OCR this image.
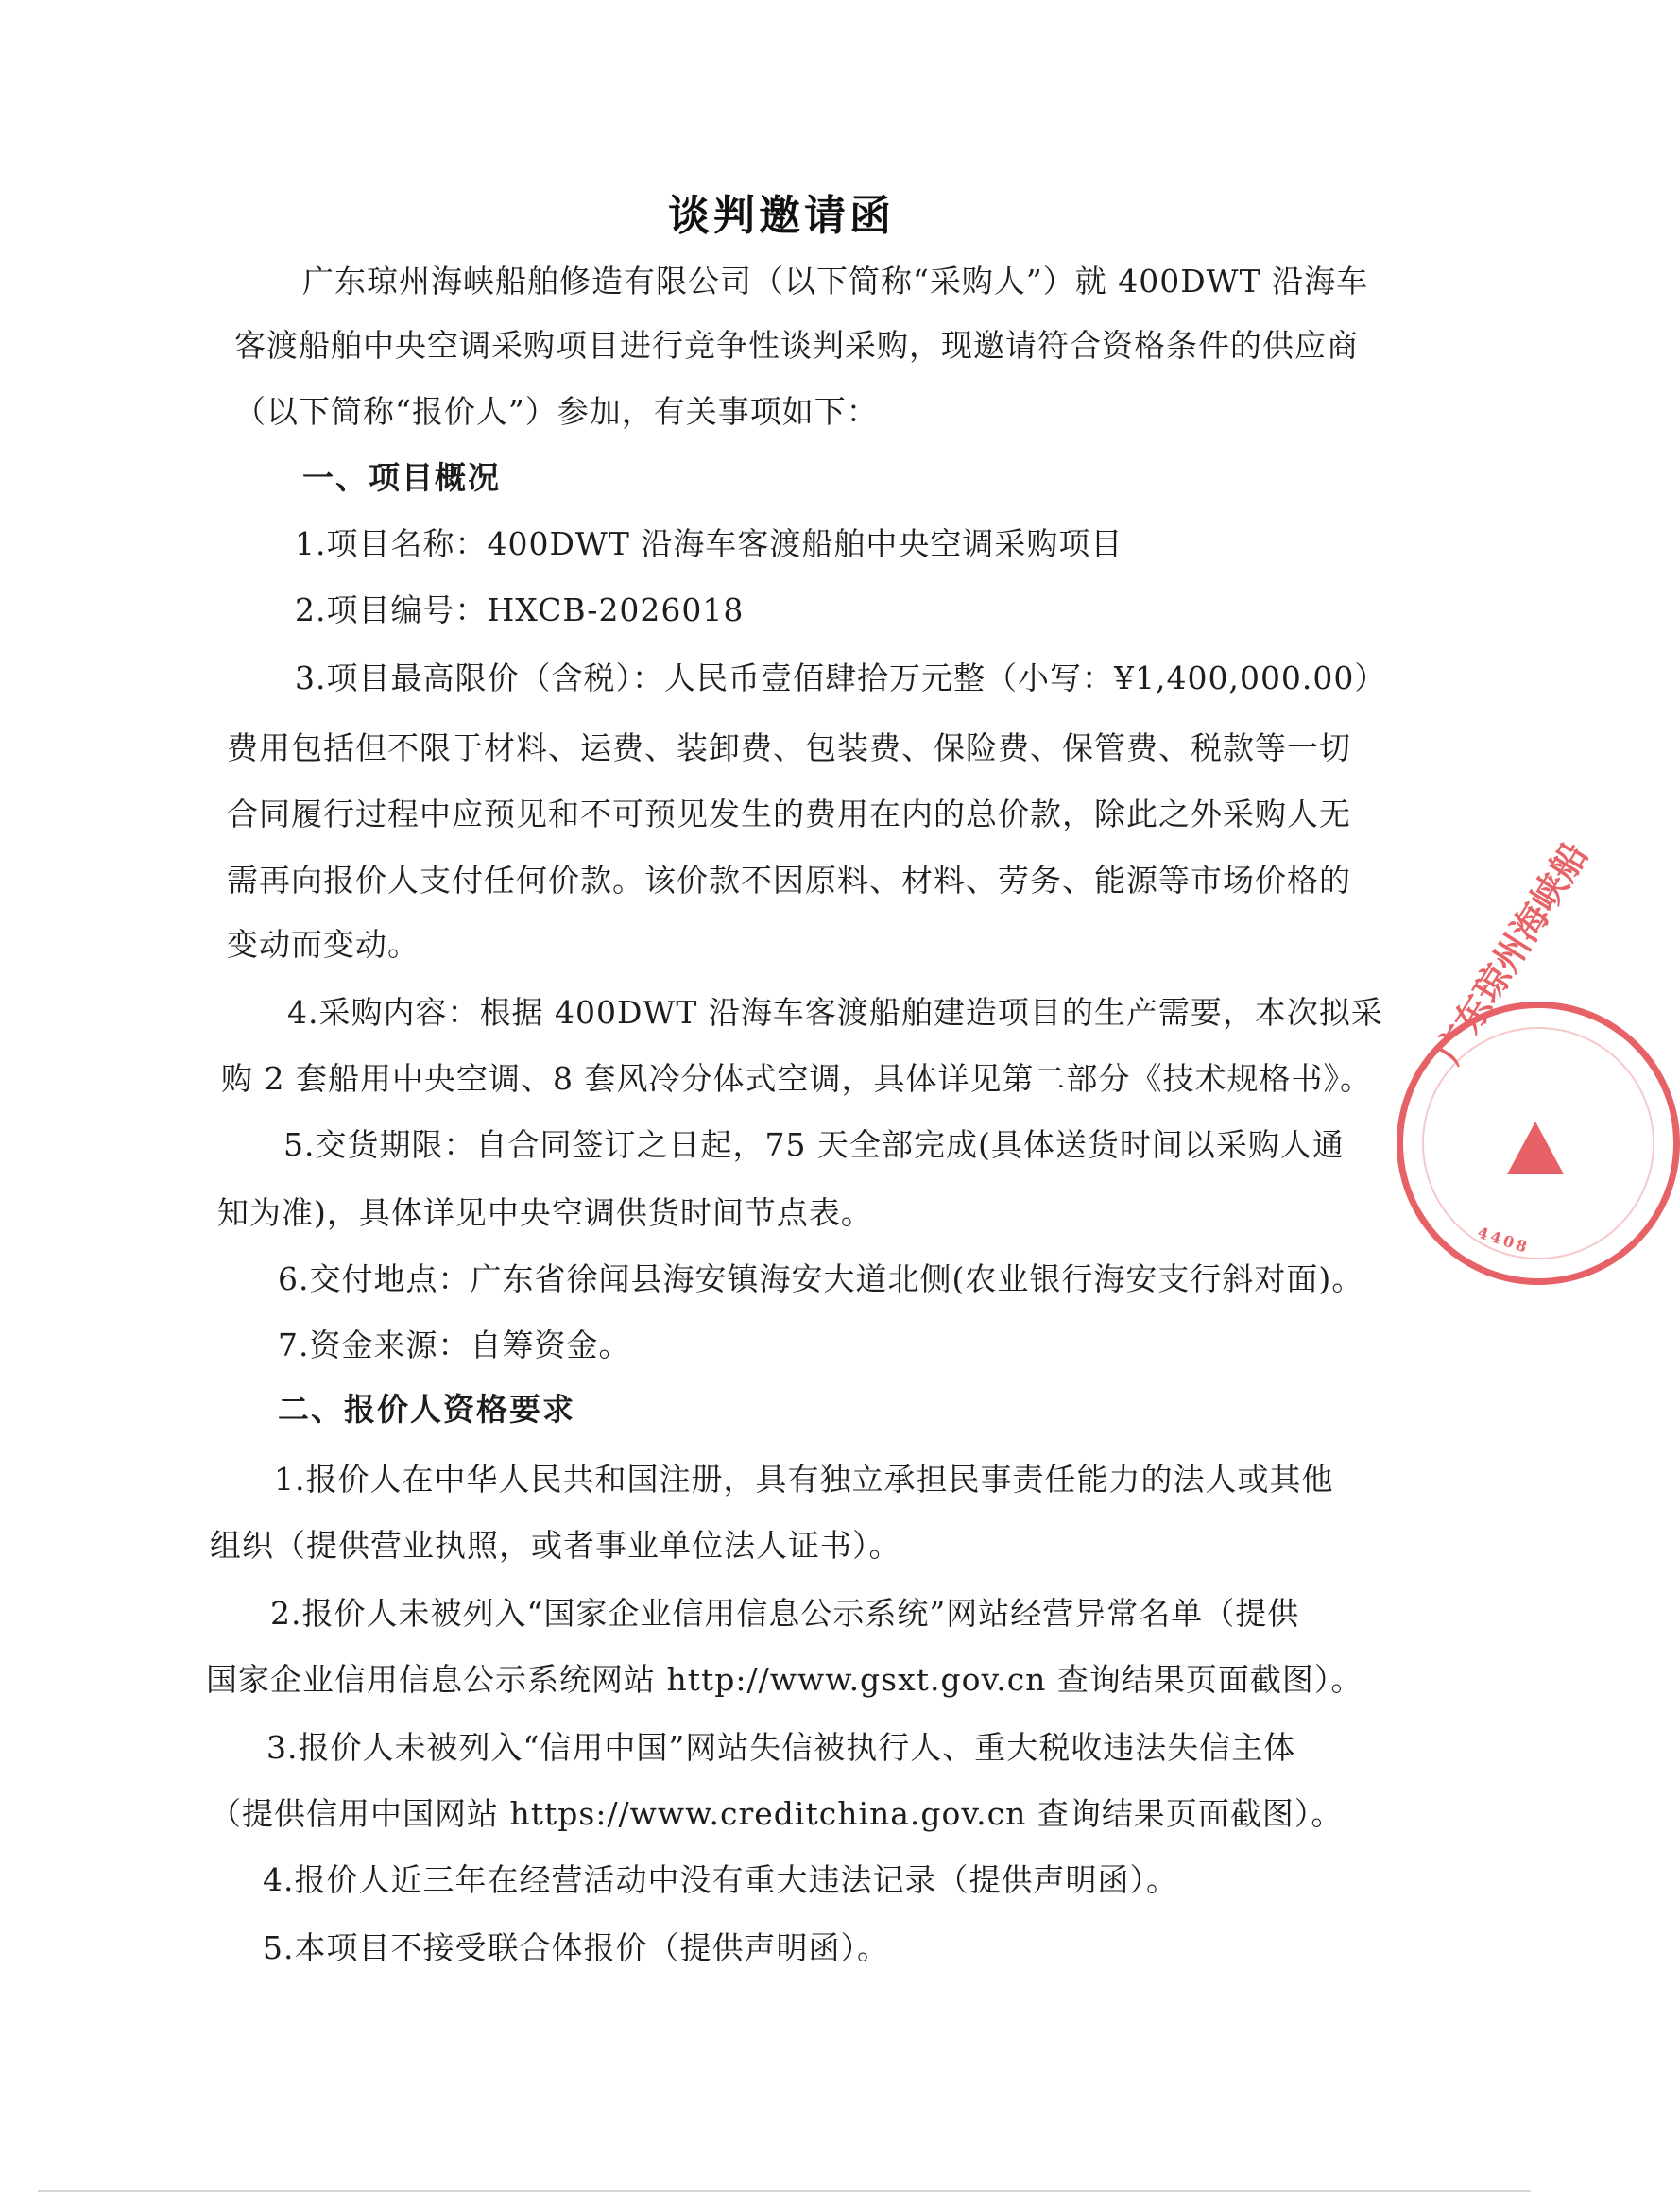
谈判邀请函
广东琼州海峡船舶修造有限公司（以下简称“采购人”）就 400DWT 沿海车
客渡船舶中央空调采购项目进行竞争性谈判采购，现邀请符合资格条件的供应商
（以下简称“报价人”）参加，有关事项如下：
一、项目概况
1.项目名称：400DWT 沿海车客渡船舶中央空调采购项目
2.项目编号：HXCB-2026018
3.项目最高限价（含税）：人民币壹佰肆拾万元整（小写：¥1,400,000.00）
费用包括但不限于材料、运费、装卸费、包装费、保险费、保管费、税款等一切
合同履行过程中应预见和不可预见发生的费用在内的总价款，除此之外采购人无
需再向报价人支付任何价款。该价款不因原料、材料、劳务、能源等市场价格的
变动而变动。
4.采购内容：根据 400DWT 沿海车客渡船舶建造项目的生产需要，本次拟采
购 2 套船用中央空调、8 套风冷分体式空调，具体详见第二部分《技术规格书》。
5.交货期限：自合同签订之日起，75 天全部完成(具体送货时间以采购人通
知为准)，具体详见中央空调供货时间节点表。
6.交付地点：广东省徐闻县海安镇海安大道北侧(农业银行海安支行斜对面)。
7.资金来源：自筹资金。
二、报价人资格要求
1.报价人在中华人民共和国注册，具有独立承担民事责任能力的法人或其他
组织（提供营业执照，或者事业单位法人证书）。
2.报价人未被列入“国家企业信用信息公示系统”网站经营异常名单（提供
国家企业信用信息公示系统网站 http://www.gsxt.gov.cn 查询结果页面截图）。
3.报价人未被列入“信用中国”网站失信被执行人、重大税收违法失信主体
（提供信用中国网站 https://www.creditchina.gov.cn 查询结果页面截图）。
4.报价人近三年在经营活动中没有重大违法记录（提供声明函）。
5.本项目不接受联合体报价（提供声明函）。
广东琼州海峡船
4408
